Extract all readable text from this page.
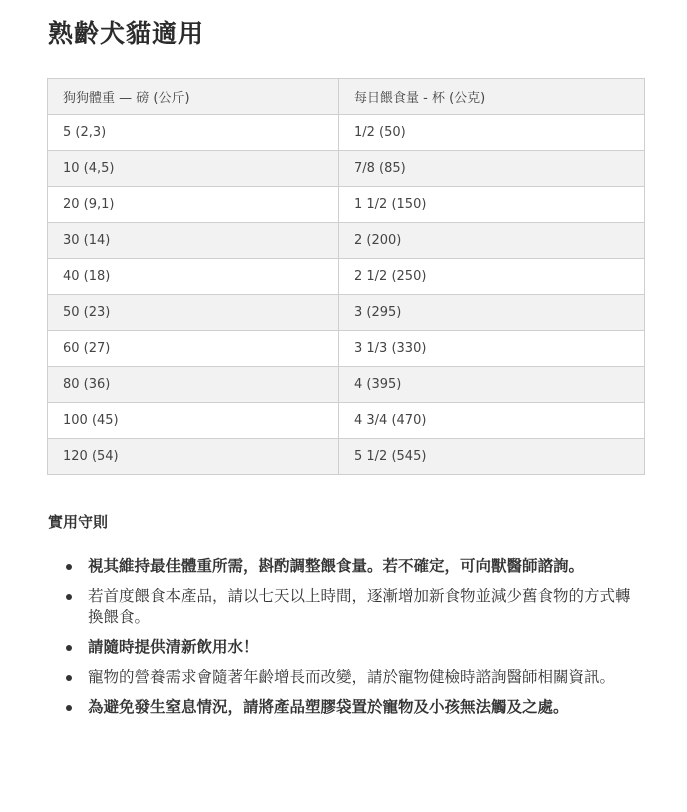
熟齡犬貓適用
狗狗體重 — 磅 (公斤)	每日餵食量 - 杯 (公克)
5 (2,3)	1/2 (50)
10 (4,5)	7/8 (85)
20 (9,1)	1 1/2 (150)
30 (14)	2 (200)
40 (18)	2 1/2 (250)
50 (23)	3 (295)
60 (27)	3 1/3 (330)
80 (36)	4 (395)
100 (45)	4 3/4 (470)
120 (54)	5 1/2 (545)
實用守則
視其維持最佳體重所需，斟酌調整餵食量。若不確定，可向獸醫師諮詢。
若首度餵食本產品，請以七天以上時間，逐漸增加新食物並減少舊食物的方式轉換餵食。
請隨時提供清新飲用水！
寵物的營養需求會隨著年齡增長而改變，請於寵物健檢時諮詢醫師相關資訊。
為避免發生窒息情況，請將產品塑膠袋置於寵物及小孩無法觸及之處。
